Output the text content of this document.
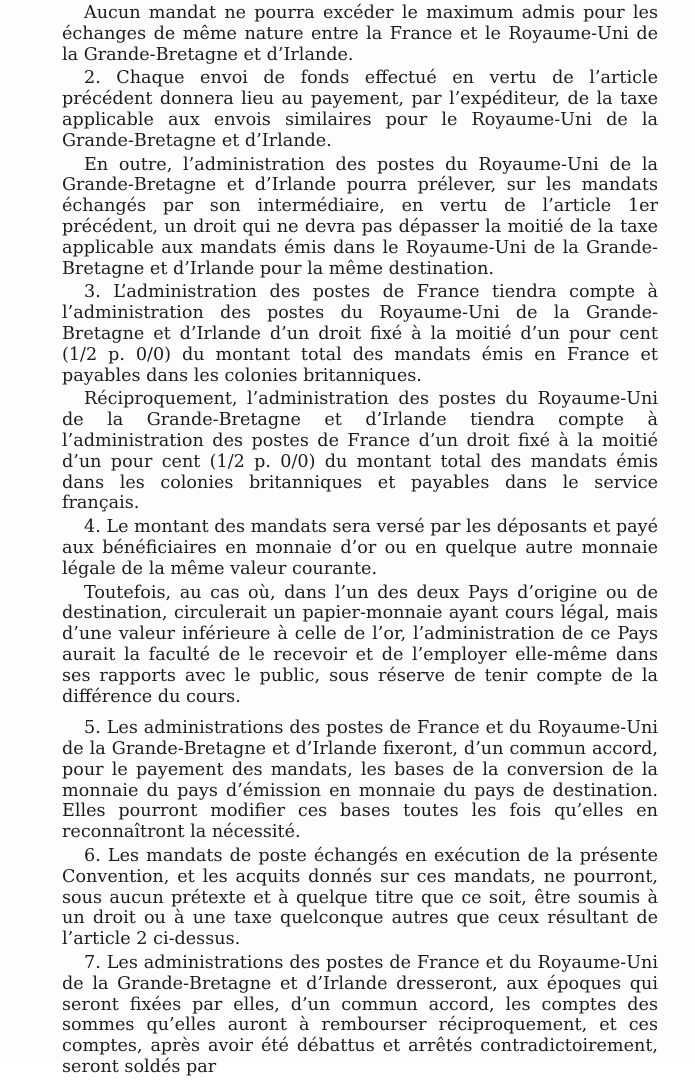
Aucun mandat ne pourra excéder le maximum admis pour les échanges de même nature entre la France et le Royaume-Uni de la Grande-Bretagne et d’Irlande.

2. Chaque envoi de fonds effectué en vertu de l’article précédent donnera lieu au payement, par l’expéditeur, de la taxe applicable aux envois similaires pour le Royaume-Uni de la Grande-Bretagne et d’Irlande.

En outre, l’administration des postes du Royaume-Uni de la Grande-Bretagne et d’Irlande pourra prélever, sur les mandats échangés par son intermédiaire, en vertu de l’article 1er précédent, un droit qui ne devra pas dépasser la moitié de la taxe applicable aux mandats émis dans le Royaume-Uni de la Grande-Bretagne et d’Irlande pour la même destination.

3. L’administration des postes de France tiendra compte à l’administration des postes du Royaume-Uni de la Grande-Bretagne et d’Irlande d’un droit fixé à la moitié d’un pour cent (1/2 p. 0/0) du montant total des mandats émis en France et payables dans les colonies britanniques.

Réciproquement, l’administration des postes du Royaume-Uni de la Grande-Bretagne et d’Irlande tiendra compte à l’administration des postes de France d’un droit fixé à la moitié d’un pour cent (1/2 p. 0/0) du montant total des mandats émis dans les colonies britanniques et payables dans le service français.

4. Le montant des mandats sera versé par les déposants et payé aux bénéficiaires en monnaie d’or ou en quelque autre monnaie légale de la même valeur courante.

Toutefois, au cas où, dans l’un des deux Pays d’origine ou de destination, circulerait un papier-monnaie ayant cours légal, mais d’une valeur inférieure à celle de l’or, l’administration de ce Pays aurait la faculté de le recevoir et de l’employer elle-même dans ses rapports avec le public, sous réserve de tenir compte de la différence du cours.

5. Les administrations des postes de France et du Royaume-Uni de la Grande-Bretagne et d’Irlande fixeront, d’un commun accord, pour le payement des mandats, les bases de la conversion de la monnaie du pays d’émission en monnaie du pays de destination. Elles pourront modifier ces bases toutes les fois qu’elles en reconnaîtront la nécessité.

6. Les mandats de poste échangés en exécution de la présente Convention, et les acquits donnés sur ces mandats, ne pourront, sous aucun prétexte et à quelque titre que ce soit, être soumis à un droit ou à une taxe quelconque autres que ceux résultant de l’article 2 ci-dessus.

7. Les administrations des postes de France et du Royaume-Uni de la Grande-Bretagne et d’Irlande dresseront, aux époques qui seront fixées par elles, d’un commun accord, les comptes des sommes qu’elles auront à rembourser réciproquement, et ces comptes, après avoir été débattus et arrêtés contradictoirement, seront soldés par
